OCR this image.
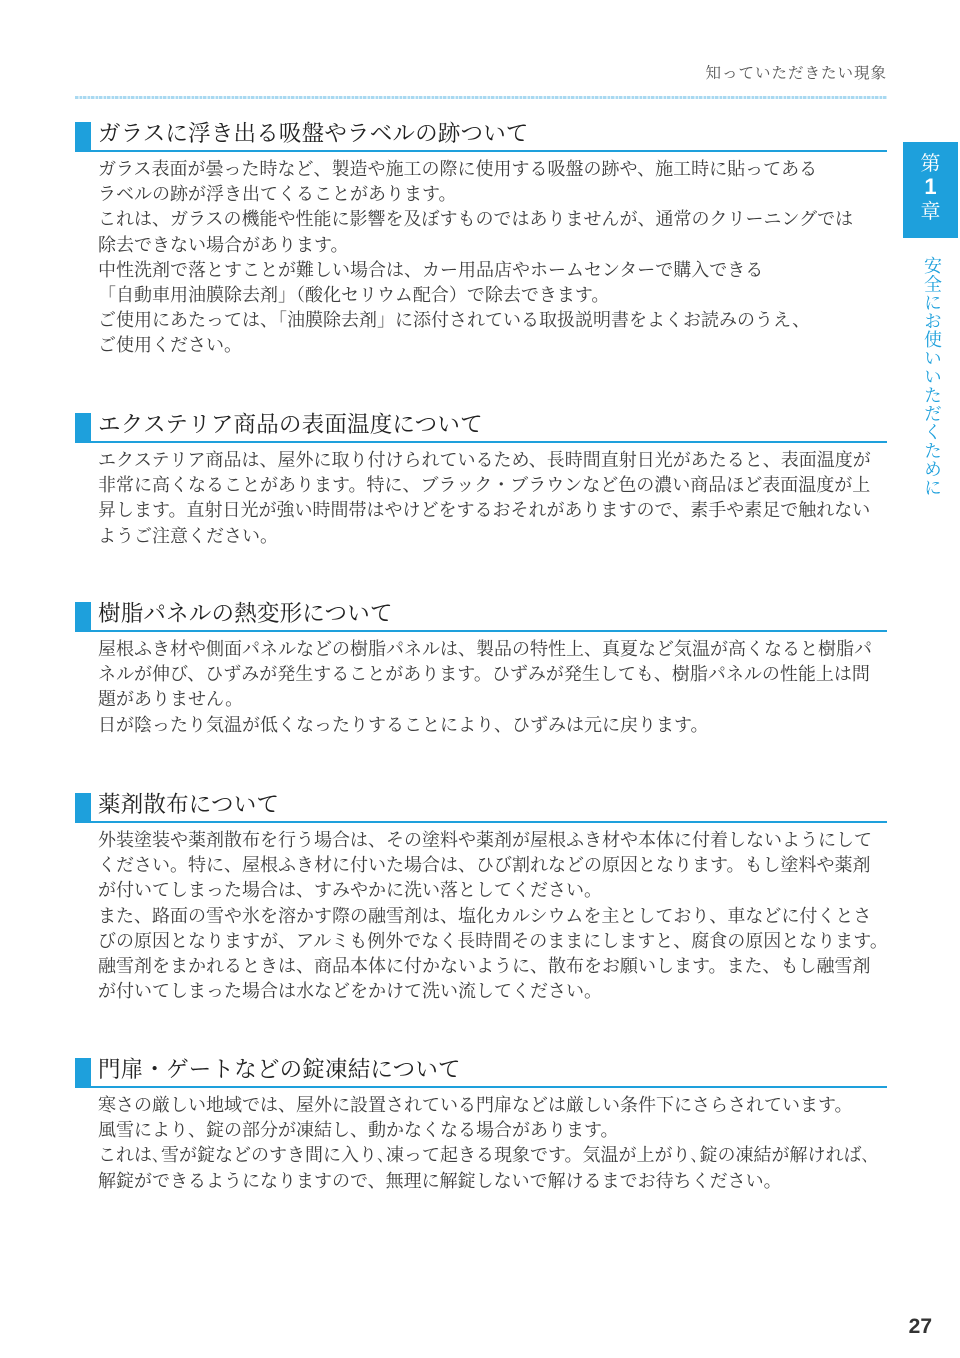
知っていただきたい現象
第
1
章
安全にお使いいただくために
ガラスに浮き出る吸盤やラベルの跡ついて
ガラス表面が曇った時など、製造や施工の際に使用する吸盤の跡や、施工時に貼ってある
ラベルの跡が浮き出てくることがあります。
これは、ガラスの機能や性能に影響を及ぼすものではありませんが、通常のクリーニングでは
除去できない場合があります。
中性洗剤で落とすことが難しい場合は、カー用品店やホームセンターで購入できる
「自動車用油膜除去剤」（酸化セリウム配合）で除去できます。
ご使用にあたっては、「油膜除去剤」に添付されている取扱説明書をよくお読みのうえ、
ご使用ください。
エクステリア商品の表面温度について
エクステリア商品は、屋外に取り付けられているため、長時間直射日光があたると、表面温度が
非常に高くなることがあります。特に、ブラック・ブラウンなど色の濃い商品ほど表面温度が上
昇します。直射日光が強い時間帯はやけどをするおそれがありますので、素手や素足で触れない
ようご注意ください。
樹脂パネルの熱変形について
屋根ふき材や側面パネルなどの樹脂パネルは、製品の特性上、真夏など気温が高くなると樹脂パ
ネルが伸び、ひずみが発生することがあります。ひずみが発生しても、樹脂パネルの性能上は問
題がありません。
日が陰ったり気温が低くなったりすることにより、ひずみは元に戻ります。
薬剤散布について
外装塗装や薬剤散布を行う場合は、その塗料や薬剤が屋根ふき材や本体に付着しないようにして
ください。特に、屋根ふき材に付いた場合は、ひび割れなどの原因となります。もし塗料や薬剤
が付いてしまった場合は、すみやかに洗い落としてください。
また、路面の雪や氷を溶かす際の融雪剤は、塩化カルシウムを主としており、車などに付くとさ
びの原因となりますが、アルミも例外でなく長時間そのままにしますと、腐食の原因となります。
融雪剤をまかれるときは、商品本体に付かないように、散布をお願いします。また、もし融雪剤
が付いてしまった場合は水などをかけて洗い流してください。
門扉・ゲートなどの錠凍結について
寒さの厳しい地域では、屋外に設置されている門扉などは厳しい条件下にさらされています。
風雪により、錠の部分が凍結し、動かなくなる場合があります。
これは､雪が錠などのすき間に入り､凍って起きる現象です。気温が上がり､錠の凍結が解ければ､
解錠ができるようになりますので、無理に解錠しないで解けるまでお待ちください。
27
